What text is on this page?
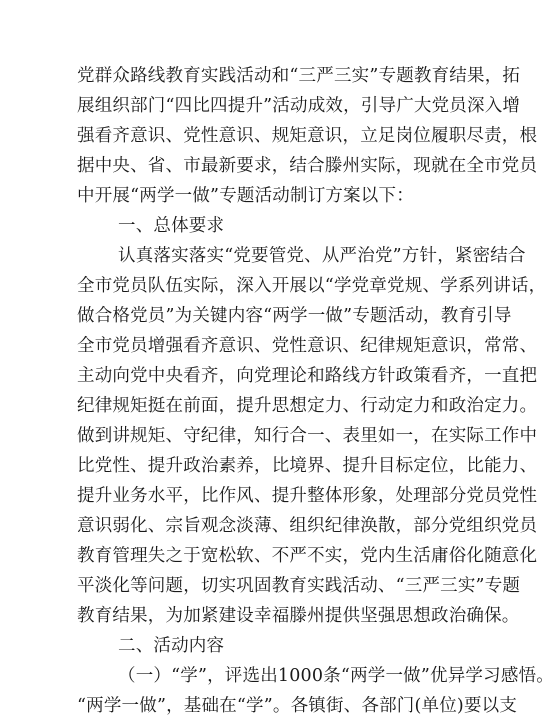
党群众路线教育实践活动和“三严三实”专题教育结果，拓
展组织部门“四比四提升”活动成效，引导广大党员深入增
强看齐意识、党性意识、规矩意识，立足岗位履职尽责，根
据中央、省、市最新要求，结合滕州实际，现就在全市党员
中开展“两学一做”专题活动制订方案以下：
一、总体要求
认真落实落实“党要管党、从严治党”方针，紧密结合
全市党员队伍实际，深入开展以“学党章党规、学系列讲话，
做合格党员”为关键内容“两学一做”专题活动，教育引导
全市党员增强看齐意识、党性意识、纪律规矩意识，常常、
主动向党中央看齐，向党理论和路线方针政策看齐，一直把
纪律规矩挺在前面，提升思想定力、行动定力和政治定力。
做到讲规矩、守纪律，知行合一、表里如一，在实际工作中
比党性、提升政治素养，比境界、提升目标定位，比能力、
提升业务水平，比作风、提升整体形象，处理部分党员党性
意识弱化、宗旨观念淡薄、组织纪律涣散，部分党组织党员
教育管理失之于宽松软、不严不实，党内生活庸俗化随意化
平淡化等问题，切实巩固教育实践活动、“三严三实”专题
教育结果，为加紧建设幸福滕州提供坚强思想政治确保。
二、活动内容
（一）“学”，评选出1000条“两学一做”优异学习感悟。
“两学一做”，基础在“学”。各镇街、各部门(单位)要以支
